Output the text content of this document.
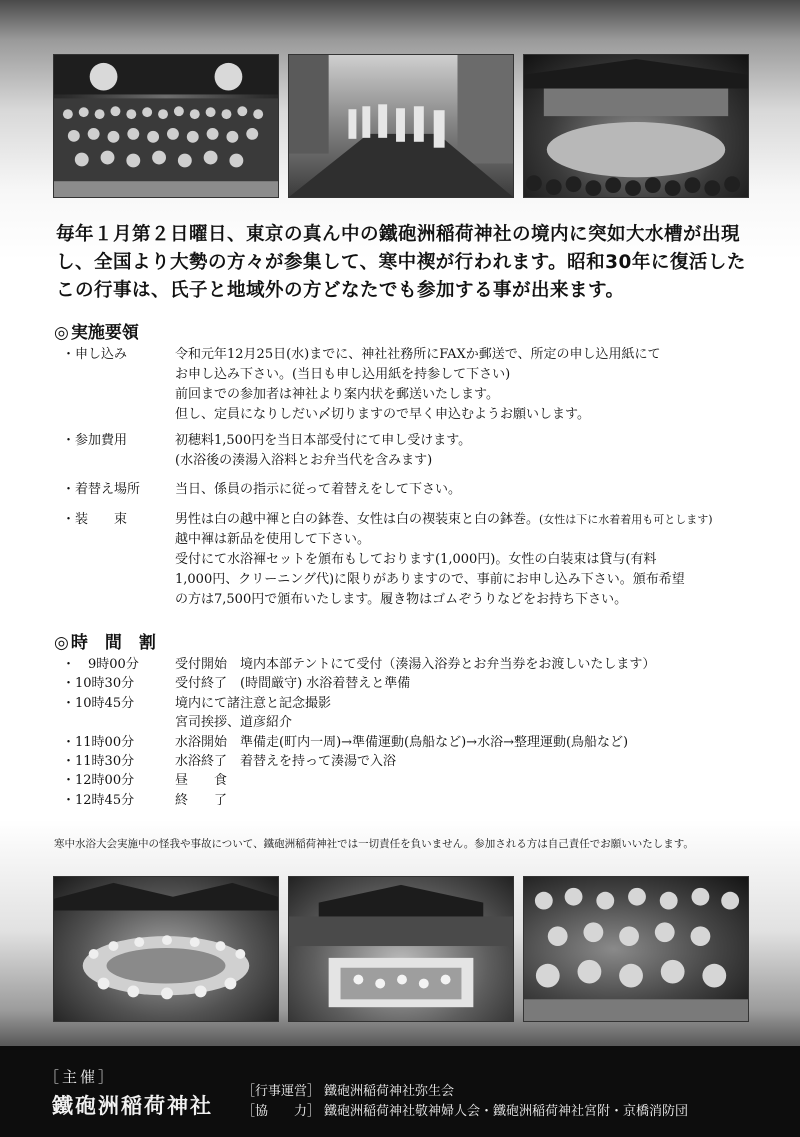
毎年１月第２日曜日、東京の真ん中の鐵砲洲稲荷神社の境内に突如大水槽が出現し、全国より大勢の方々が参集して、寒中禊が行われます。昭和30年に復活したこの行事は、氏子と地域外の方どなたでも参加する事が出来ます。

◎ 実施要領
・申し込み	令和元年12月25日(水)までに、神社社務所にFAXか郵送で、所定の申し込用紙にて
お申し込み下さい。(当日も申し込用紙を持参して下さい)
前回までの参加者は神社より案内状を郵送いたします。
但し、定員になりしだい〆切りますので早く申込むようお願いします。
・参加費用	初穂料1,500円を当日本部受付にて申し受けます。
(水浴後の湊湯入浴料とお弁当代を含みます)
・着替え場所	当日、係員の指示に従って着替えをして下さい。
・装　　束	男性は白の越中褌と白の鉢巻、女性は白の禊装束と白の鉢巻。(女性は下に水着着用も可とします)
越中褌は新品を使用して下さい。
受付にて水浴褌セットを頒布もしております(1,000円)。女性の白装束は貸与(有料
1,000円、クリーニング代)に限りがありますので、事前にお申し込み下さい。頒布希望
の方は7,500円で頒布いたします。履き物はゴムぞうりなどをお持ち下さい。
◎ 時　間　割
・　9時00分	受付開始　境内本部テントにて受付（湊湯入浴券とお弁当券をお渡しいたします）
・10時30分	受付終了　(時間厳守) 水浴着替えと準備
・10時45分	境内にて諸注意と記念撮影
宮司挨拶、道彦紹介
・11時00分	水浴開始　準備走(町内一周)→準備運動(鳥船など)→水浴→整理運動(鳥船など)
・11時30分	水浴終了　着替えを持って湊湯で入浴
・12時00分	昼　　食
・12時45分	終　　了

寒中水浴大会実施中の怪我や事故について、鐵砲洲稲荷神社では一切責任を負いません。参加される方は自己責任でお願いいたします。

［主催］
鐵砲洲稲荷神社
［行事運営］ 鐵砲洲稲荷神社弥生会
［協　　力］ 鐵砲洲稲荷神社敬神婦人会・鐵砲洲稲荷神社宮附・京橋消防団
